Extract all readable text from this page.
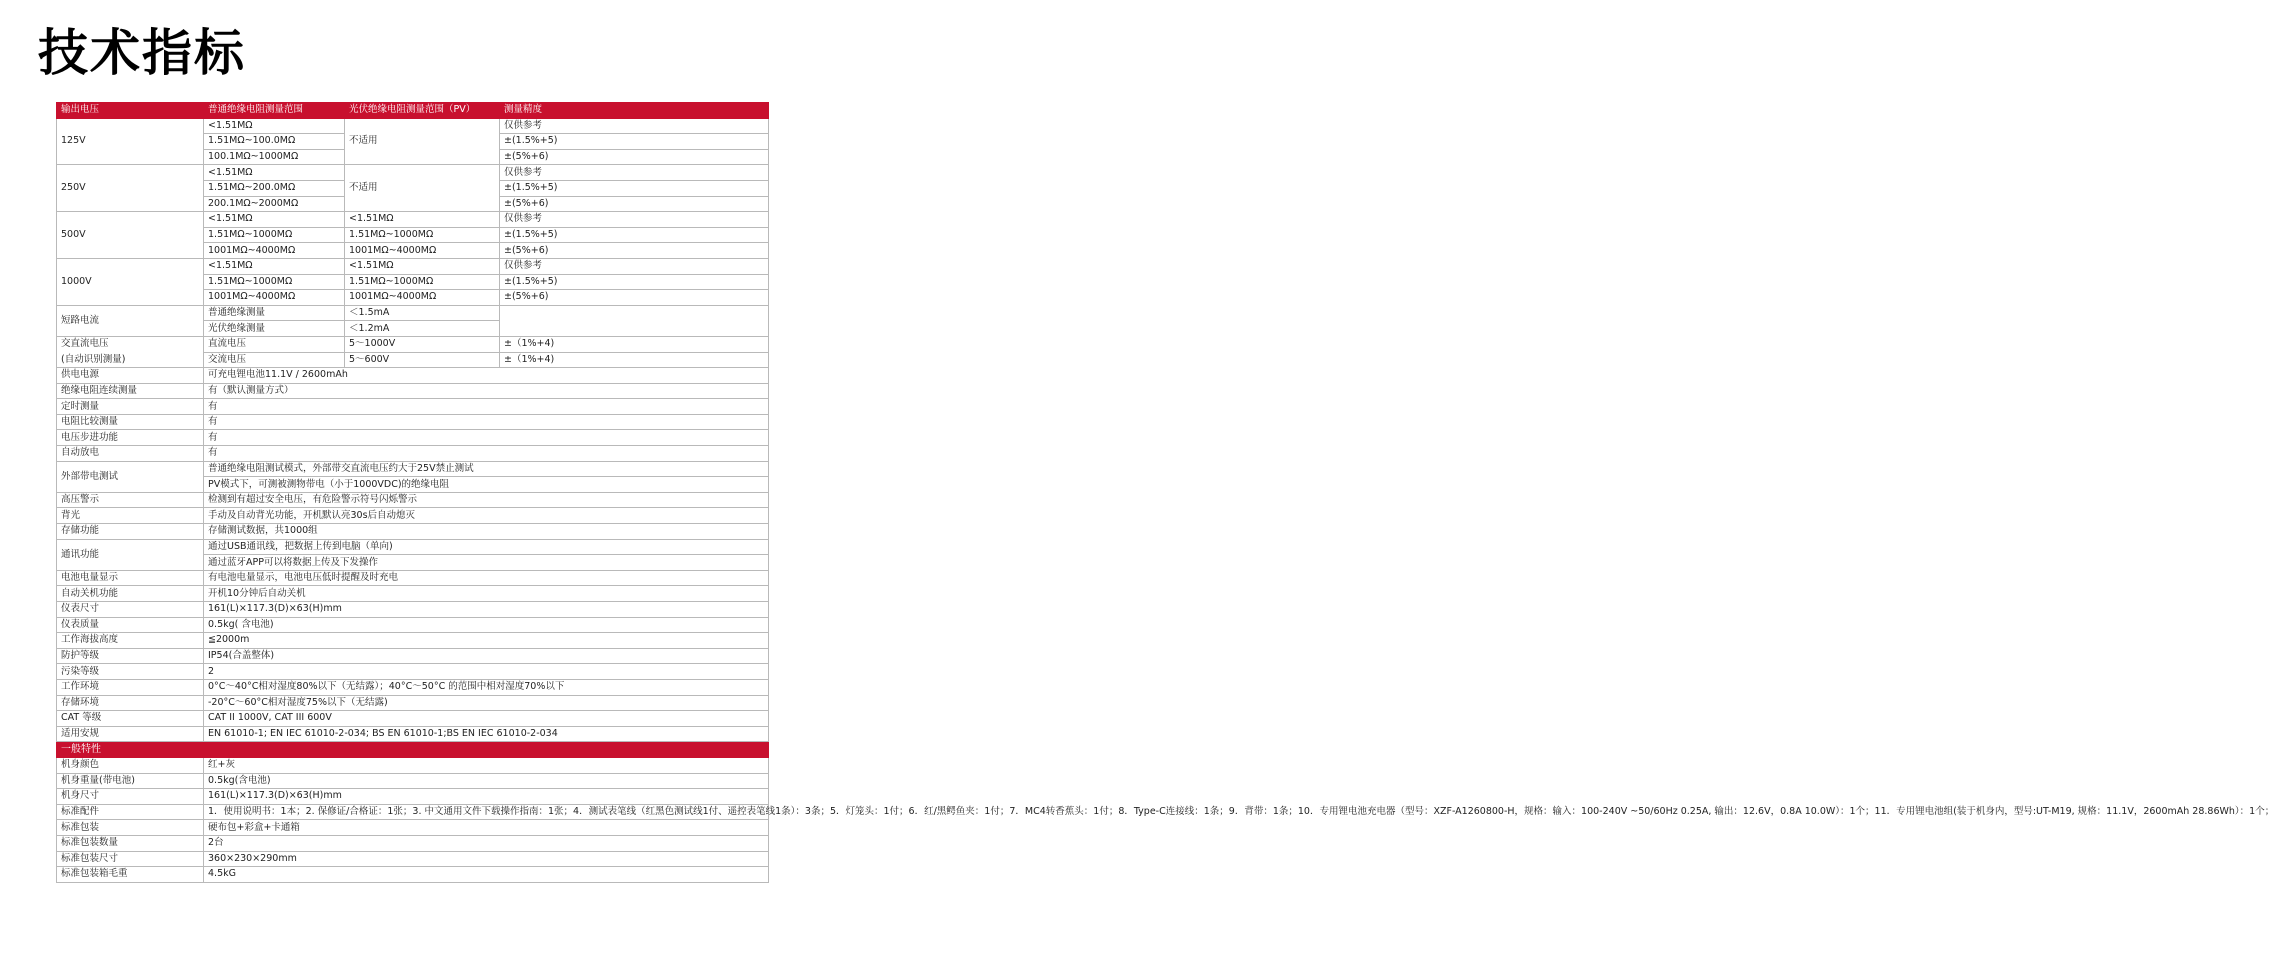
技术指标
输出电压	普通绝缘电阻测量范围	光伏绝缘电阻测量范围（PV）	测量精度
125V	<1.51MΩ	不适用	仅供参考
	1.51MΩ~100.0MΩ		±(1.5%+5)
	100.1MΩ~1000MΩ		±(5%+6)
250V	<1.51MΩ	不适用	仅供参考
	1.51MΩ~200.0MΩ		±(1.5%+5)
	200.1MΩ~2000MΩ		±(5%+6)
500V	<1.51MΩ	<1.51MΩ	仅供参考
	1.51MΩ~1000MΩ	1.51MΩ~1000MΩ	±(1.5%+5)
	1001MΩ~4000MΩ	1001MΩ~4000MΩ	±(5%+6)
1000V	<1.51MΩ	<1.51MΩ	仅供参考
	1.51MΩ~1000MΩ	1.51MΩ~1000MΩ	±(1.5%+5)
	1001MΩ~4000MΩ	1001MΩ~4000MΩ	±(5%+6)
短路电流	普通绝缘测量	＜1.5mA	
	光伏绝缘测量	＜1.2mA	
交直流电压	直流电压	5～1000V	±（1%+4)
(自动识别测量)	交流电压	5～600V	±（1%+4)
供电电源	可充电锂电池11.1V / 2600mAh		
绝缘电阻连续测量	有（默认测量方式）		
定时测量	有		
电阻比较测量	有		
电压步进功能	有		
自动放电	有		
外部带电测试	普通绝缘电阻测试模式，外部带交直流电压约大于25V禁止测试		
	PV模式下，可测被测物带电（小于1000VDC)的绝缘电阻		
高压警示	检测到有超过安全电压，有危险警示符号闪烁警示		
背光	手动及自动背光功能，开机默认亮30s后自动熄灭		
存储功能	存储测试数据，共1000组		
通讯功能	通过USB通讯线，把数据上传到电脑（单向)		
	通过蓝牙APP可以将数据上传及下发操作		
电池电量显示	有电池电量显示，电池电压低时提醒及时充电		
自动关机功能	开机10分钟后自动关机		
仪表尺寸	161(L)×117.3(D)×63(H)mm		
仪表质量	0.5kg( 含电池)		
工作海拔高度	≦2000m		
防护等级	IP54(合盖整体)		
污染等级	2		
工作环境	0°C～40°C相对湿度80%以下（无结露）；40°C～50°C 的范围中相对湿度70%以下		
存储环境	-20°C～60°C相对湿度75%以下（无结露)		
CAT 等级	CAT II 1000V, CAT III 600V		
适用安规	EN 61010-1; EN IEC 61010-2-034; BS EN 61010-1;BS EN IEC 61010-2-034		
一般特性			
机身颜色	红+灰		
机身重量(带电池)	0.5kg(含电池)		
机身尺寸	161(L)×117.3(D)×63(H)mm		
标准配件	1．使用说明书：1本；2. 保修证/合格证：1张；3. 中文通用文件下载操作指南：1张；4．测试表笔线（红黑色测试线1付、遥控表笔线1条）：3条；5．灯笼头：1付；6．红/黑鳄鱼夹：1付；7．MC4转香蕉头：1付；8．Type-C连接线：1条；9．背带：1条；10．专用锂电池充电器（型号：XZF-A1260800-H，规格：输入：100-240V ~50/60Hz 0.25A, 输出：12.6V，0.8A 10.0W）：1个；11．专用锂电池组(装于机身内，型号:UT-M19, 规格：11.1V，2600mAh 28.86Wh）：1个；		
标准包装	硬布包+彩盒+卡通箱		
标准包装数量	2台		
标准包装尺寸	360×230×290mm		
标准包装箱毛重	4.5kG		
